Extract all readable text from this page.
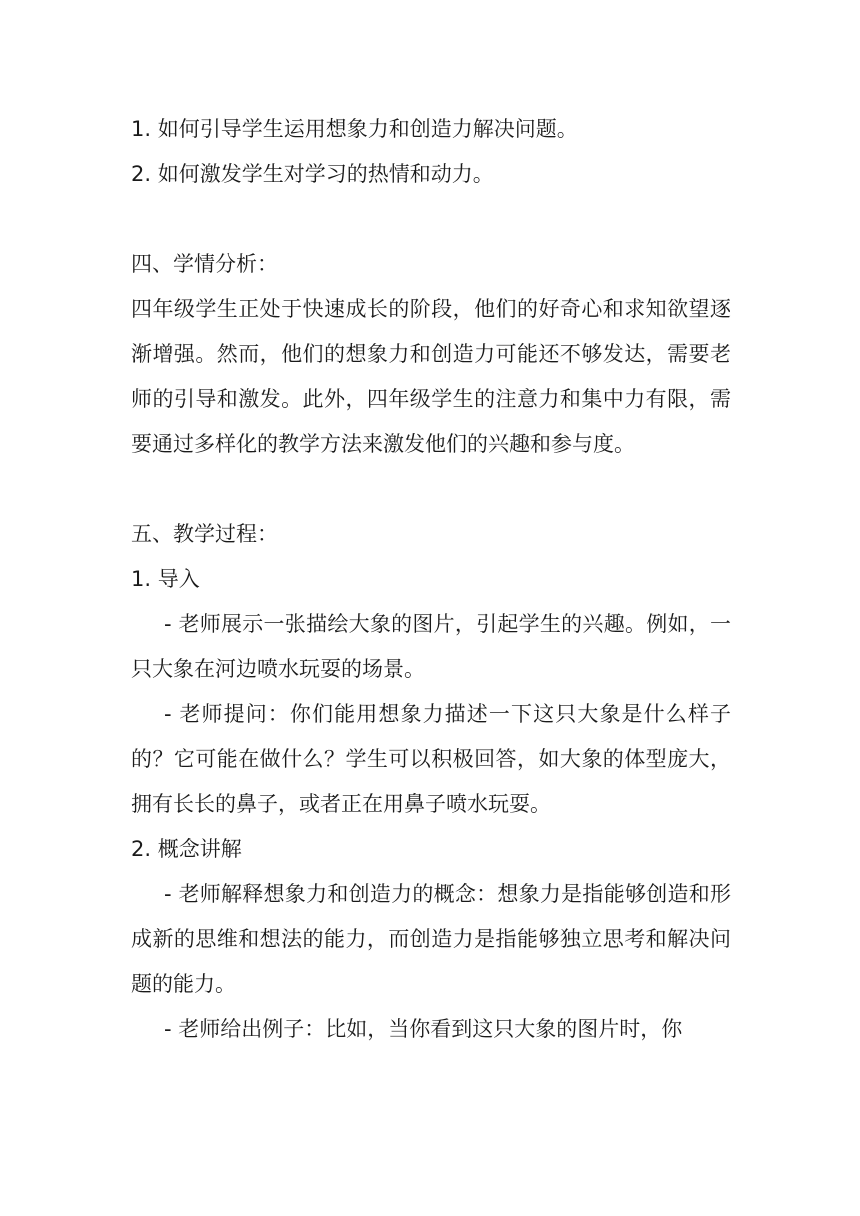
1. 如何引导学生运用想象力和创造力解决问题。

2. 如何激发学生对学习的热情和动力。

四、学情分析：

四年级学生正处于快速成长的阶段，他们的好奇心和求知欲望逐渐增强。然而，他们的想象力和创造力可能还不够发达，需要老师的引导和激发。此外，四年级学生的注意力和集中力有限，需要通过多样化的教学方法来激发他们的兴趣和参与度。

五、教学过程：

1. 导入

- 老师展示一张描绘大象的图片，引起学生的兴趣。例如，一只大象在河边喷水玩耍的场景。

- 老师提问：你们能用想象力描述一下这只大象是什么样子的？它可能在做什么？学生可以积极回答，如大象的体型庞大，拥有长长的鼻子，或者正在用鼻子喷水玩耍。

2. 概念讲解

- 老师解释想象力和创造力的概念：想象力是指能够创造和形成新的思维和想法的能力，而创造力是指能够独立思考和解决问题的能力。

- 老师给出例子：比如，当你看到这只大象的图片时，你
